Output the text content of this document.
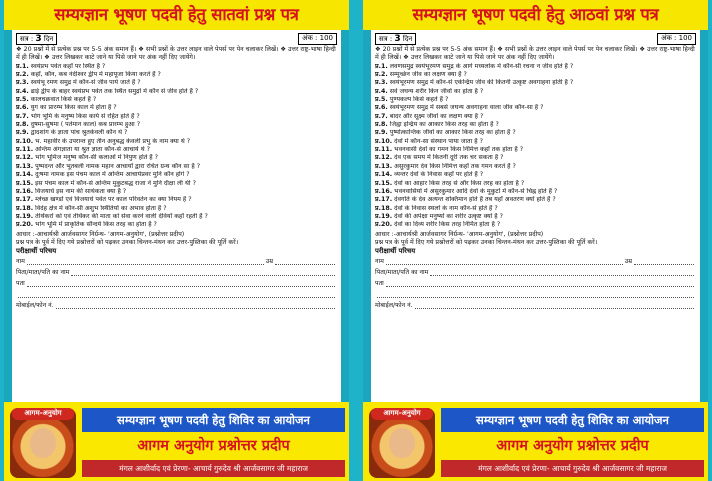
सम्यग्ज्ञान भूषण पदवी हेतु सातवां प्रश्न पत्र
सत्र : 3 दिन	अंक : 100
❖ 20 प्रश्नों में से प्रत्येक प्रश्न पर 5-5 अंक समान हैं। ❖ सभी प्रश्नों के उत्तर लाइन वाले पेपर्स पर पेन चलाकर लिखें। ❖ उत्तर राष्ट्र-भाषा हिन्दी में ही लिखें। ❖ उत्तर लिखकर काटे जाने या पिसे जाने पर अंक नहीं दिए जायेंगे।
प्र.1. स्वयंप्रभ पर्वत कहाँ पर स्थित है ?
प्र.2. कहाँ, कौन, कब नंदीश्वर द्वीप में महापूजा किया करते हैं ?
प्र.3. स्वयंभू रमण समुद्र में कौन-से जीव पाये जाते हैं ?
प्र.4. ढाई द्वीप के बाहर स्वयंप्रभ पर्वत तक स्थित समुद्रों में कौन से जीव होते हैं ?
प्र.5. कालचक्रवात किसे कहते हैं ?
प्र.6. युग का प्रारम्भ किस काल में होता है ?
प्र.7. भोग भूमि के मनुष्य किस कार्य से रहित होते हैं ?
प्र.8. दुषमा-सुषमा ( पर्तमान काल) कब प्रारम्भ हुआ ?
प्र.9. द्वादशांग के ज्ञाता पांच श्रुतकेवली कौन थे ?
प्र.10. भ. महावीर के उपरान्त हुए तीन अनुबद्ध केवली प्रभु के नाम क्या थे ?
प्र.11. अन्तिम अंगज्ञाता या श्रुत ज्ञाता कौन-से आचार्य थे ?
प्र.12. भोग भूमिज मनुष्य कौन-सी कलाओं में निपुण होते हैं ?
प्र.13. पुष्पदन्त और भूतबली नामक महान आचार्यों द्वारा रचित ग्रन्थ कौन सा है ?
प्र.14. दुःषमा नामक इस पंचम काल में अन्तिम आचार्यप्रवर मुनि कौन होंगे ?
प्र.15. इस पंचम काल में कौन-से अन्तिम मुकुटबद्ध राजा ने मुनि दीक्षा ली थी ?
प्र.16. विजयार्ध इस नाम की सार्थकता क्या है ?
प्र.17. म्लेच्छ खण्डों एवं विजयार्ध पर्वत पर काल परिवर्तन का क्या नियम है ?
प्र.18. विदेह क्षेत्र में कौन-सी अशुभ स्थितियों का अभाव होता है ?
प्र.19. तीर्थंकरों को एवं तीर्थंकर की माता को सेवा करने वाली देवियाँ कहाँ रहती हैं ?
प्र.20. भोग भूमि में प्राकृतिक सौन्दर्य किस तरह का होता है ?
आधार :-आचार्यश्री आर्जवसागर निर्ग्रन्थ- 'आगम-अनुयोग', (प्रश्नोत्तर प्रदीप)
प्रश्न पत्र के पूर्व में दिए गये प्रश्नोत्तरों को पढ़कर उनका चिन्तन-मंथन कर उत्तर-पुस्तिका की पूर्ति करें।
परीक्षार्थी परिचय
नाम	उम्र
पिता/माता/पति का नाम
पता
मोबाईल/फोन नं.
आगम-अनुयोग	सम्यग्ज्ञान भूषण पदवी हेतु शिविर का आयोजन
आगम अनुयोग प्रश्नोत्तर प्रदीप
मंगल आशीर्वाद एवं प्रेरणा- आचार्य गुरुदेव श्री आर्जवसागर जी महाराज
सम्यग्ज्ञान भूषण पदवी हेतु आठवां प्रश्न पत्र
सत्र : 3 दिन	अंक : 100
❖ 20 प्रश्नों में से प्रत्येक प्रश्न पर 5-5 अंक समान हैं। ❖ सभी प्रश्नों के उत्तर लाइन वाले पेपर्स पर पेन चलाकर लिखें। ❖ उत्तर राष्ट्र-भाषा हिन्दी में ही लिखें। ❖ उत्तर लिखकर काटे जाने या पिसे जाने पर अंक नहीं दिए जायेंगे।
प्र.1. लवणसमुद्र स्वयंभूरमण समुद्र के आगे मध्यलोक में कौन-सी रचना न जीव होते हैं ?
प्र.2. सम्मूर्च्छन जीव का लक्षण क्या है ?
प्र.3. स्वयंभूरमण समुद्र में कौन-से एकेन्द्रिय जीव की कितनी उत्कृष्ट अवगाहना होती है ?
प्र.4. सर्व जघन्य शरीर किन जीवों का होता है ?
प्र.5. पुण्यकल्प किसे कहते हैं ?
प्र.6. स्वयंभूरमण समुद्र में सबसे जघन्य अवगाहना वाला जीव कौन-सा है ?
प्र.7. बादर और सूक्ष्म जीवों का लक्षण क्या है ?
प्र.8. जिह्वा इन्द्रिय का आकार किस तरह का होता है ?
प्र.9. पुष्पोत्कान्तिक जीवों का आकार किस तरह का होता है ?
प्र.10. देवों में कौन-सा संस्थान पाया जाता है ?
प्र.11. भवनवासी देवों का गमन किस निमित्त कहाँ तक होता है ?
प्र.12. देव एक समय में कितनी दूरी तक चर सकता है ?
प्र.13. असुरकुमार देव किस निमित्त कहाँ तक गमन करते हैं ?
प्र.14. व्यन्तर देवों के निवास कहाँ पर होते हैं ?
प्र.15. देवों का आहार किस तरह से और किस तरह का होता है ?
प्र.16. भवनवासियों में असुरकुमार आदि देवों के मुकुटों में कौन-से चिह्न होते हैं ?
प्र.17. देवगति के देव अत्यन्त शक्तिमान होते हैं तब यहाँ अवतरण क्यों होते हैं ?
प्र.18. देवों के निवास स्थलों के नाम कौन-से होते हैं ?
प्र.19. देवों की अपेक्षा मनुष्यों का शरीर उत्कृष्ट क्यों है ?
प्र.20. देवों का दिव्य शरीर किस तरह निर्मित होता है ?
आधार :-आचार्यश्री आर्जवसागर निर्ग्रन्थ- 'आगम-अनुयोग', (प्रश्नोत्तर प्रदीप)
प्रश्न पत्र के पूर्व में दिए गये प्रश्नोत्तरों को पढ़कर उनका चिन्तन-मंथन कर उत्तर-पुस्तिका की पूर्ति करें।
परीक्षार्थी परिचय
नाम	उम्र
पिता/माता/पति का नाम
पता
मोबाईल/फोन नं.
आगम-अनुयोग	सम्यग्ज्ञान भूषण पदवी हेतु शिविर का आयोजन
आगम अनुयोग प्रश्नोत्तर प्रदीप
मंगल आशीर्वाद एवं प्रेरणा- आचार्य गुरुदेव श्री आर्जवसागर जी महाराज
